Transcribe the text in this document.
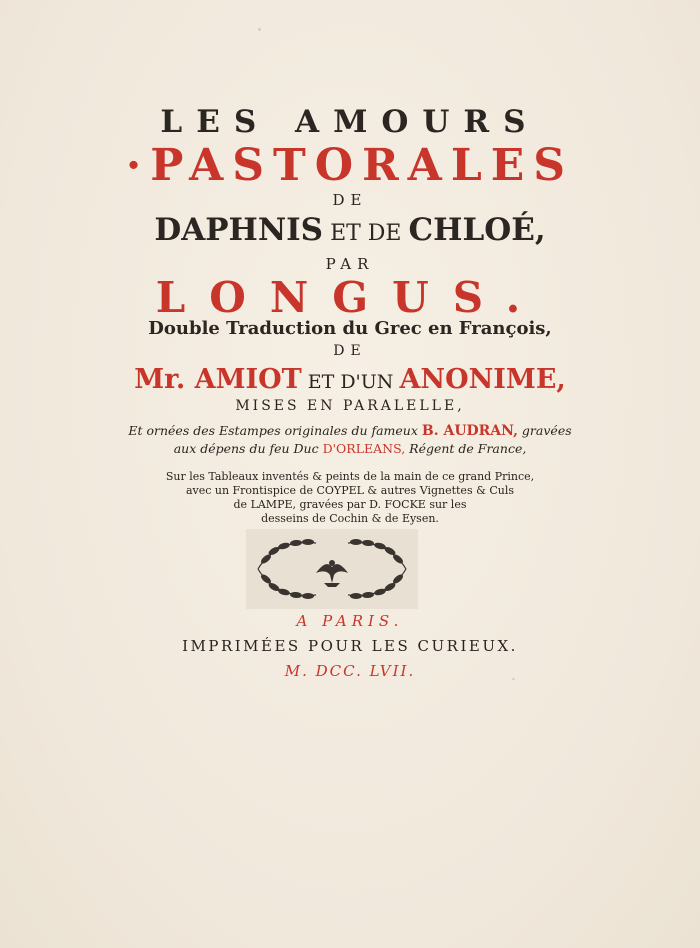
LES AMOURS
·PASTORALES
DE
DAPHNIS ET DE CHLOÉ,
PAR
LONGUS.
Double Traduction du Grec en François,
DE
Mr. AMIOT ET D'UN ANONIME,
MISES EN PARALELLE,
Et ornées des Estampes originales du fameux B. AUDRAN, gravées
aux dépens du feu Duc D'ORLEANS, Régent de France,
Sur les Tableaux inventés & peints de la main de ce grand Prince,
avec un Frontispice de COYPEL & autres Vignettes & Culs
de LAMPE, gravées par D. FOCKE sur les
desseins de Cochin & de Eysen.
A PARIS.
IMPRIMÉES POUR LES CURIEUX.
M. DCC. LVII.
